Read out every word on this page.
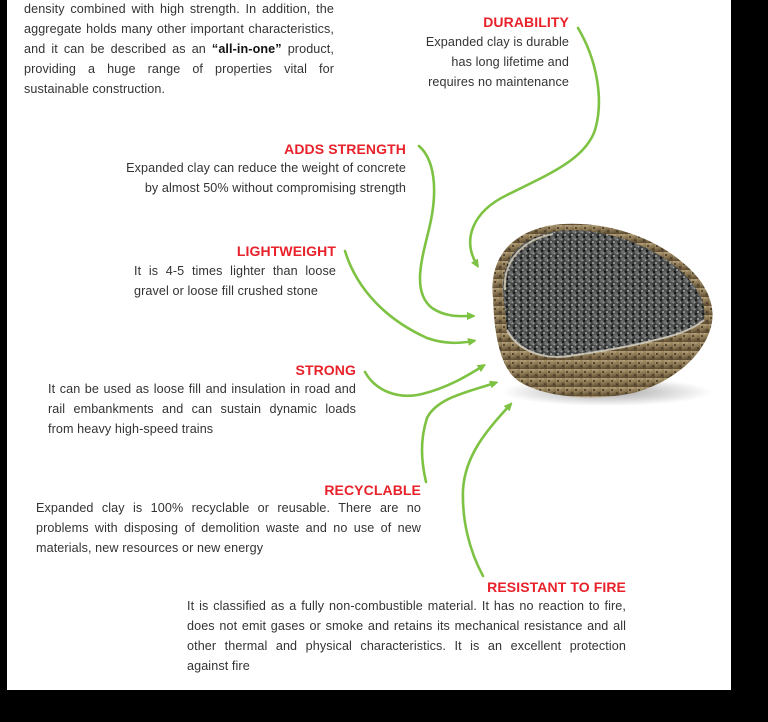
density combined with high strength. In addition, the aggregate holds many other important characteristics, and it can be described as an “all-in-one” product, providing a huge range of properties vital for sustainable construction.
DURABILITY
Expanded clay is durable
has long lifetime and
requires no maintenance
ADDS STRENGTH
Expanded clay can reduce the weight of concrete
by almost 50% without compromising strength
LIGHTWEIGHT
It is 4-5 times lighter than loose gravel or loose fill crushed stone
STRONG
It can be used as loose fill and insulation in road and rail embankments and can sustain dynamic loads from heavy high-speed trains
RECYCLABLE
Expanded clay is 100% recyclable or reusable. There are no problems with disposing of demolition waste and no use of new materials, new resources or new energy
RESISTANT TO FIRE
It is classified as a fully non-combustible material. It has no reaction to fire, does not emit gases or smoke and retains its mechanical resistance and all other thermal and physical characteristics. It is an excellent protection against fire
